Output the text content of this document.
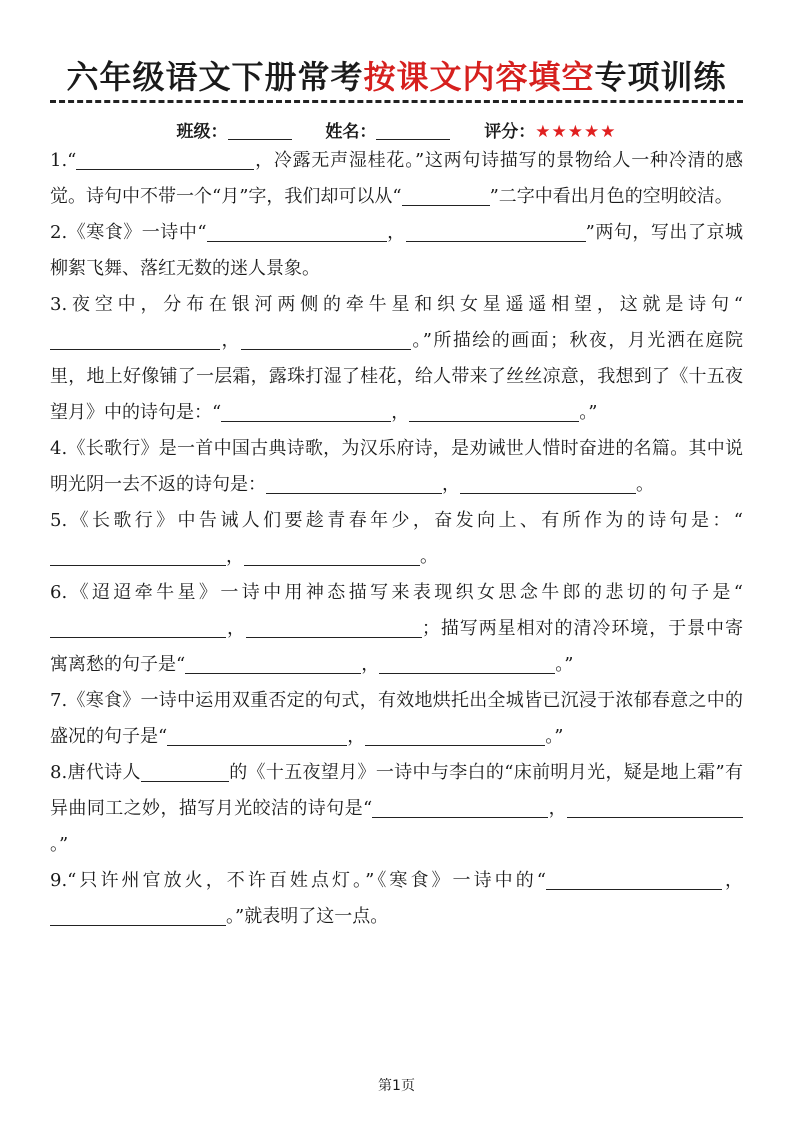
六年级语文下册常考按课文内容填空专项训练
班级：	姓名：	评分：★★★★★

1.“	，冷露无声湿桂花。”这两句诗描写的景物给人一种冷清的感觉。诗句中不带一个“月”字，我们却可以从“	”二字中看出月色的空明皎洁。

2.《寒食》一诗中“	，	”两句，写出了京城柳絮飞舞、落红无数的迷人景象。

3.夜空中，分布在银河两侧的牵牛星和织女星遥遥相望，这就是诗句“，	。”所描绘的画面；秋夜，月光洒在庭院里，地上好像铺了一层霜，露珠打湿了桂花，给人带来了丝丝凉意，我想到了《十五夜望月》中的诗句是：“	，	。”

4.《长歌行》是一首中国古典诗歌，为汉乐府诗，是劝诫世人惜时奋进的名篇。其中说明光阴一去不返的诗句是：	，	。

5.《长歌行》中告诫人们要趁青春年少，奋发向上、有所作为的诗句是：“，	。

6.《迢迢牵牛星》一诗中用神态描写来表现织女思念牛郎的悲切的句子是“，	；描写两星相对的清冷环境，于景中寄寓离愁的句子是“	，	。”

7.《寒食》一诗中运用双重否定的句式，有效地烘托出全城皆已沉浸于浓郁春意之中的盛况的句子是“	，	。”

8.唐代诗人	的《十五夜望月》一诗中与李白的“床前明月光，疑是地上霜”有异曲同工之妙，描写月光皎洁的诗句是“	，。”

9.“只许州官放火，不许百姓点灯。”《寒食》一诗中的“	，。”就表明了这一点。

第1页
